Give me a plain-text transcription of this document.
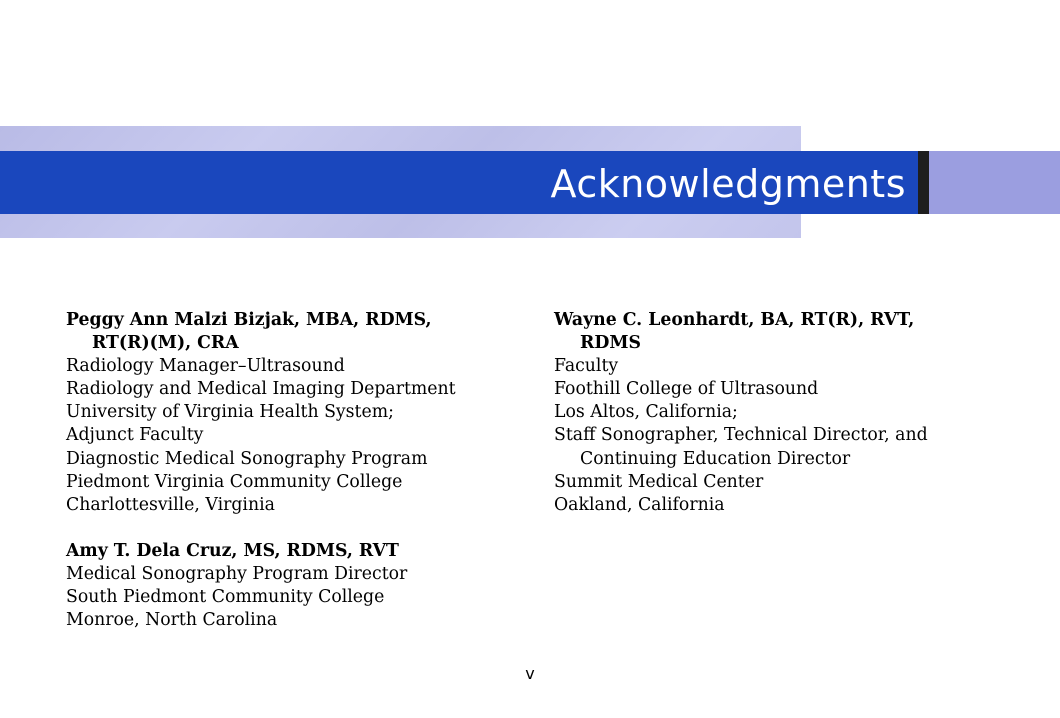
Acknowledgments
Peggy Ann Malzi Bizjak, MBA, RDMS,
RT(R)(M), CRA
Radiology Manager–Ultrasound
Radiology and Medical Imaging Department
University of Virginia Health System;
Adjunct Faculty
Diagnostic Medical Sonography Program
Piedmont Virginia Community College
Charlottesville, Virginia
Amy T. Dela Cruz, MS, RDMS, RVT
Medical Sonography Program Director
South Piedmont Community College
Monroe, North Carolina
Wayne C. Leonhardt, BA, RT(R), RVT,
RDMS
Faculty
Foothill College of Ultrasound
Los Altos, California;
Staff Sonographer, Technical Director, and
Continuing Education Director
Summit Medical Center
Oakland, California
v
